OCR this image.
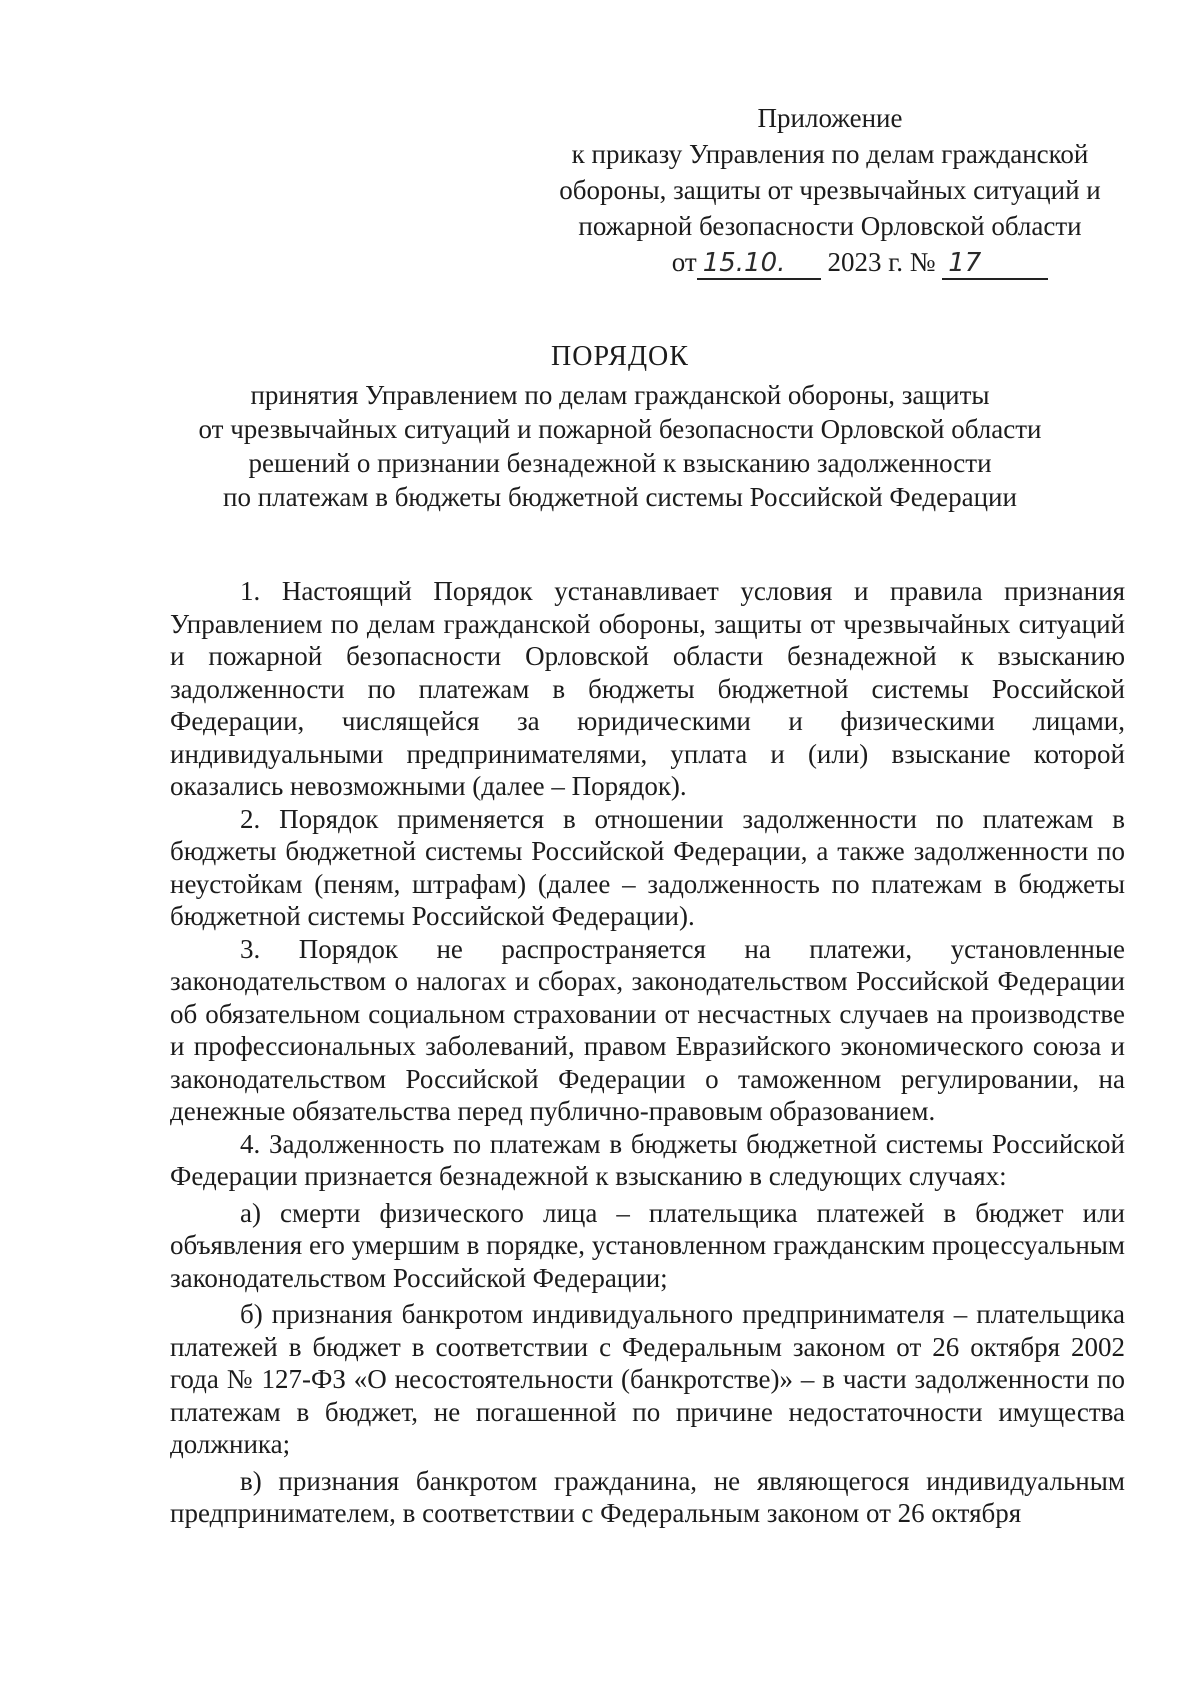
Приложение
к приказу Управления по делам гражданской
обороны, защиты от чрезвычайных ситуаций и
пожарной безопасности Орловской области
от 15.10. 2023 г. № 17
ПОРЯДОК
принятия Управлением по делам гражданской обороны, защиты
от чрезвычайных ситуаций и пожарной безопасности Орловской области
решений о признании безнадежной к взысканию задолженности
по платежам в бюджеты бюджетной системы Российской Федерации

1. Настоящий Порядок устанавливает условия и правила признания Управлением по делам гражданской обороны, защиты от чрезвычайных ситуаций и пожарной безопасности Орловской области безнадежной к взысканию задолженности по платежам в бюджеты бюджетной системы Российской Федерации, числящейся за юридическими и физическими лицами, индивидуальными предпринимателями, уплата и (или) взыскание которой оказались невозможными (далее – Порядок).

2. Порядок применяется в отношении задолженности по платежам в бюджеты бюджетной системы Российской Федерации, а также задолженности по неустойкам (пеням, штрафам) (далее – задолженность по платежам в бюджеты бюджетной системы Российской Федерации).

3. Порядок не распространяется на платежи, установленные законодательством о налогах и сборах, законодательством Российской Федерации об обязательном социальном страховании от несчастных случаев на производстве и профессиональных заболеваний, правом Евразийского экономического союза и законодательством Российской Федерации о таможенном регулировании, на денежные обязательства перед публично-правовым образованием.

4. Задолженность по платежам в бюджеты бюджетной системы Российской Федерации признается безнадежной к взысканию в следующих случаях:

а) смерти физического лица – плательщика платежей в бюджет или объявления его умершим в порядке, установленном гражданским процессуальным законодательством Российской Федерации;

б) признания банкротом индивидуального предпринимателя – плательщика платежей в бюджет в соответствии с Федеральным законом от 26 октября 2002 года № 127-ФЗ «О несостоятельности (банкротстве)» – в части задолженности по платежам в бюджет, не погашенной по причине недостаточности имущества должника;

в) признания банкротом гражданина, не являющегося индивидуальным предпринимателем, в соответствии с Федеральным законом от 26 октября
